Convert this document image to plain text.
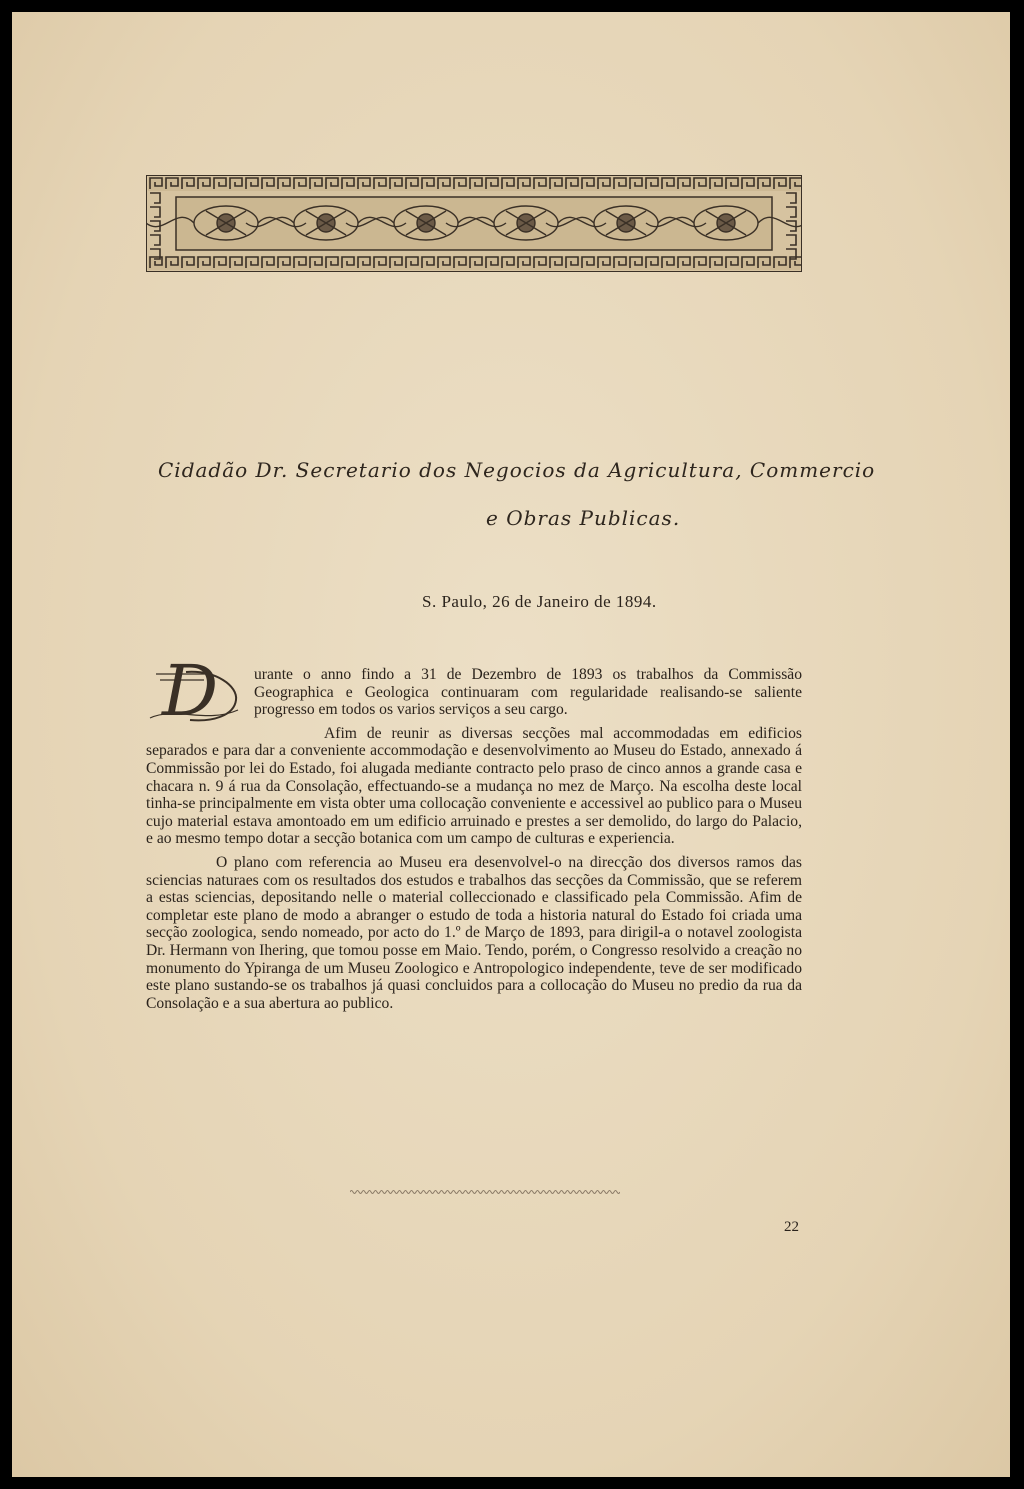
Cidadão Dr. Secretario dos Negocios da Agricultura, Commercio
e Obras Publicas.
S. Paulo, 26 de Janeiro de 1894.

D urante o anno findo a 31 de Dezembro de 1893 os trabalhos da Commissão Geographica e Geologica continuaram com regularidade realisando-se saliente progresso em todos os varios serviços a seu cargo.

Afim de reunir as diversas secções mal accommodadas em edificios separados e para dar a conveniente accommodação e desenvolvimento ao Museu do Estado, annexado á Commissão por lei do Estado, foi alugada mediante contracto pelo praso de cinco annos a grande casa e chacara n. 9 á rua da Consolação, effectuando-se a mudança no mez de Março. Na escolha deste local tinha-se principalmente em vista obter uma collocação conveniente e accessivel ao publico para o Museu cujo material estava amontoado em um edificio arruinado e prestes a ser demolido, do largo do Palacio, e ao mesmo tempo dotar a secção botanica com um campo de culturas e experiencia.

O plano com referencia ao Museu era desenvolvel-o na direcção dos diversos ramos das sciencias naturaes com os resultados dos estudos e trabalhos das secções da Commissão, que se referem a estas sciencias, depositando nelle o material colleccionado e classificado pela Commissão. Afim de completar este plano de modo a abranger o estudo de toda a historia natural do Estado foi criada uma secção zoologica, sendo nomeado, por acto do 1.º de Março de 1893, para dirigil-a o notavel zoologista Dr. Hermann von Ihering, que tomou posse em Maio. Tendo, porém, o Congresso resolvido a creação no monumento do Ypiranga de um Museu Zoologico e Antropologico independente, teve de ser modificado este plano sustando-se os trabalhos já quasi concluidos para a collocação do Museu no predio da rua da Consolação e a sua abertura ao publico.

22
